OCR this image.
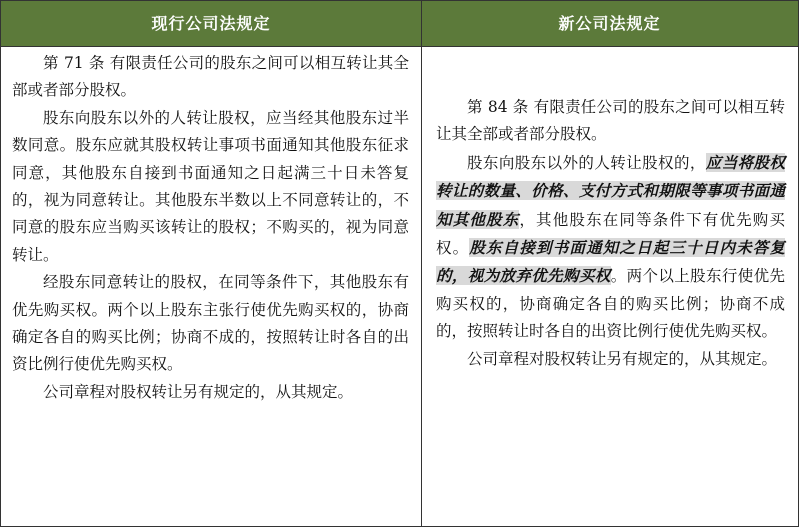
现行公司法规定	新公司法规定

第 71 条 有限责任公司的股东之间可以相互转让其全部或者部分股权。

股东向股东以外的人转让股权，应当经其他股东过半数同意。股东应就其股权转让事项书面通知其他股东征求同意，其他股东自接到书面通知之日起满三十日未答复的，视为同意转让。其他股东半数以上不同意转让的，不同意的股东应当购买该转让的股权；不购买的，视为同意转让。

经股东同意转让的股权，在同等条件下，其他股东有优先购买权。两个以上股东主张行使优先购买权的，协商确定各自的购买比例；协商不成的，按照转让时各自的出资比例行使优先购买权。

公司章程对股权转让另有规定的，从其规定。

第 84 条 有限责任公司的股东之间可以相互转让其全部或者部分股权。

股东向股东以外的人转让股权的，应当将股权转让的数量、价格、支付方式和期限等事项书面通知其他股东，其他股东在同等条件下有优先购买权。股东自接到书面通知之日起三十日内未答复的，视为放弃优先购买权。两个以上股东行使优先购买权的，协商确定各自的购买比例；协商不成的，按照转让时各自的出资比例行使优先购买权。

公司章程对股权转让另有规定的，从其规定。
